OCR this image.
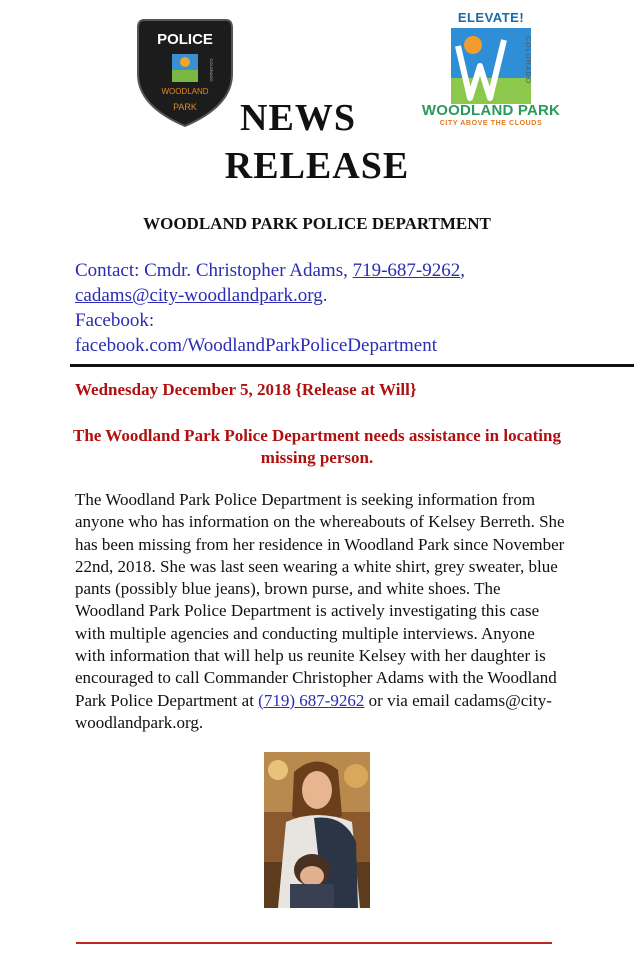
POLICE
WOODLAND
PARK
COLORADO
ELEVATE!
COLORADO
WOODLAND PARK
CITY ABOVE THE CLOUDS
NEWS
RELEASE
WOODLAND PARK POLICE DEPARTMENT
Contact: Cmdr. Christopher Adams, 719-687-9262,
cadams@city-woodlandpark.org.
Facebook:
facebook.com/WoodlandParkPoliceDepartment
Wednesday December 5, 2018 {Release at Will}
The Woodland Park Police Department needs assistance in locating missing person.
The Woodland Park Police Department is seeking information from anyone who has information on the whereabouts of Kelsey Berreth. She has been missing from her residence in Woodland Park since November 22nd, 2018. She was last seen wearing a white shirt, grey sweater, blue pants (possibly blue jeans), brown purse, and white shoes. The Woodland Park Police Department is actively investigating this case with multiple agencies and conducting multiple interviews. Anyone with information that will help us reunite Kelsey with her daughter is encouraged to call Commander Christopher Adams with the Woodland Park Police Department at (719) 687-9262 or via email cadams@city-woodlandpark.org.
